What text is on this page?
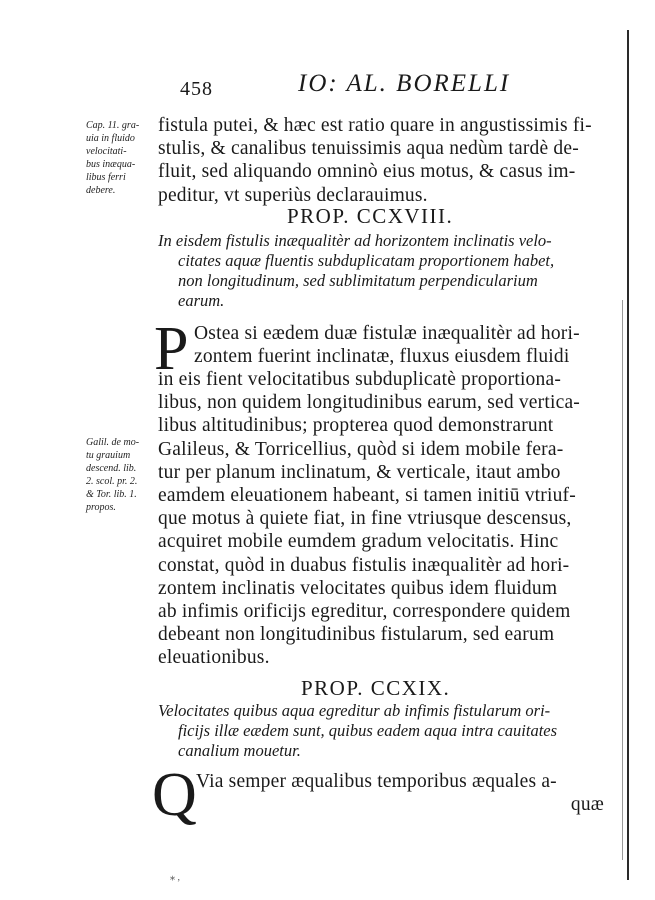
458	IO: AL. BORELLI
Cap. 11. gra-
uia in fluido
velocitati-
bus inæqua-
libus ferri
debere.
Galil. de mo-
tu grauium
descend. lib.
2. scol. pr. 2.
& Tor. lib. 1.
propos.
fistula putei, & hæc est ratio quare in angustissimis fi-
stulis, & canalibus tenuissimis aqua nedùm tardè de-
fluit, sed aliquando omninò eius motus, & casus im-
peditur, vt superiùs declarauimus.
PROP. CCXVIII.
In eisdem fistulis inæqualitèr ad horizontem inclinatis velo-
citates aquæ fluentis subduplicatam proportionem habet,
non longitudinum, sed sublimitatum perpendicularium
earum.
P Ostea si eædem duæ fistulæ inæqualitèr ad hori-
zontem fuerint inclinatæ, fluxus eiusdem fluidi
in eis fient velocitatibus subduplicatè proportiona-
libus, non quidem longitudinibus earum, sed vertica-
libus altitudinibus; propterea quod demonstrarunt
Galileus, & Torricellius, quòd si idem mobile fera-
tur per planum inclinatum, & verticale, itaut ambo
eamdem eleuationem habeant, si tamen initiū vtriuf-
que motus à quiete fiat, in fine vtriusque descensus,
acquiret mobile eumdem gradum velocitatis. Hinc
constat, quòd in duabus fistulis inæqualitèr ad hori-
zontem inclinatis velocitates quibus idem fluidum
ab infimis orificijs egreditur, correspondere quidem
debeant non longitudinibus fistularum, sed earum
eleuationibus.
PROP. CCXIX.
Velocitates quibus aqua egreditur ab infimis fistularum ori-
ficijs illæ eædem sunt, quibus eadem aqua intra cauitates
canalium mouetur.
Q Via semper æqualibus temporibus æquales a-
quæ
⁎ ,
